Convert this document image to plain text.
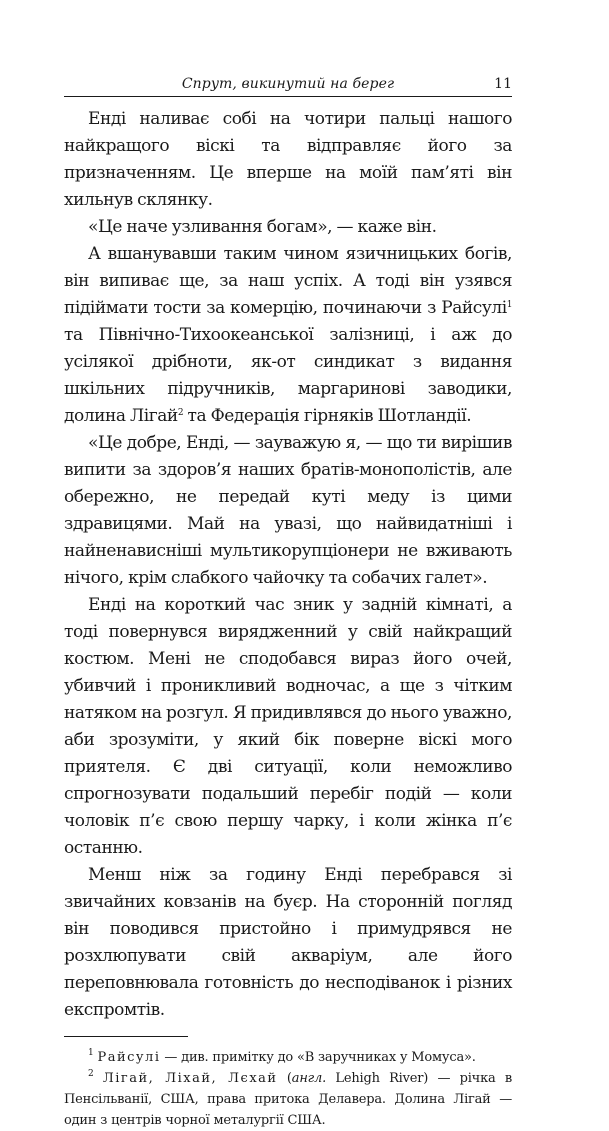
Спрут, викинутий на берег	11

Енді наливає собі на чотири пальці нашого найкращого віскі та відправляє його за призначенням. Це вперше на моїй пам’яті він хильнув склянку.

«Це наче узливання богам», — каже він.

А вшанувавши таким чином язичницьких богів, він випиває ще, за наш успіх. А тоді він узявся підіймати тости за комерцію, починаючи з Райсулі$^1$ та Північно-Тихоокеанської залізниці, і аж до усілякої дрібноти, як-от синдикат з видання шкільних підручників, маргаринові заводики, долина Лігай$^2$ та Федерація гірняків Шотландії.

«Це добре, Енді, — зауважую я, — що ти вирішив випити за здоров’я наших братів-монополістів, але обережно, не передай куті меду із цими здравицями. Май на увазі, що найвидатніші і найненависніші мультикорупціонери не вживають нічого, крім слабкого чайочку та собачих галет».

Енді на короткий час зник у задній кімнаті, а тоді повернувся вирядженний у свій найкращий костюм. Мені не сподобався вираз його очей, убивчий і проникливий водночас, а ще з чітким натяком на розгул. Я придивлявся до нього уважно, аби зрозуміти, у який бік поверне віскі мого приятеля. Є дві ситуації, коли неможливо спрогнозувати подальший перебіг подій — коли чоловік п’є свою першу чарку, і коли жінка п’є останню.

Менш ніж за годину Енді перебрався зі звичайних ковзанів на буєр. На сторонній погляд він поводився пристойно і примудрявся не розхлюпувати свій акваріум, але його переповнювала готовність до несподіванок і різних експромтів.

$^1$ Райсулі — див. примітку до «В заручниках у Момуса».

$^2$ Лігай, Ліхай, Лєхай (англ. Lehigh River) — річка в Пенсільванії, США, права притока Делавера. Долина Лігай — один з центрів чорної металургії США.
